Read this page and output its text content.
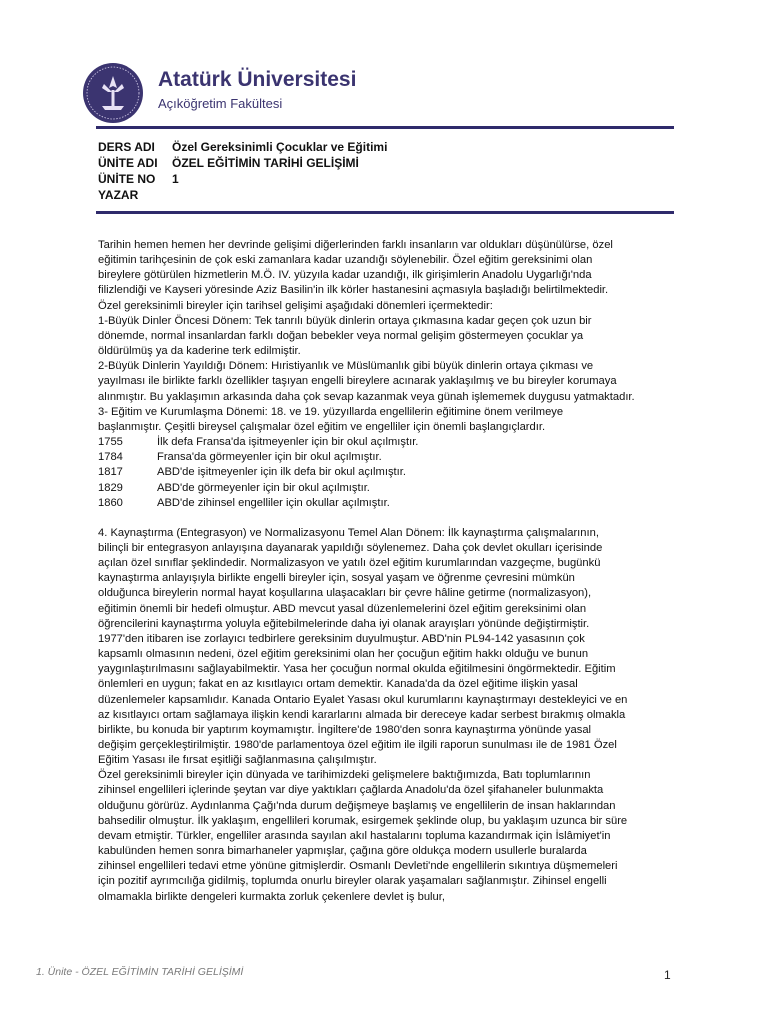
Atatürk Üniversitesi
Açıköğretim Fakültesi
DERS ADI	Özel Gereksinimli Çocuklar ve Eğitimi
ÜNİTE ADI	ÖZEL EĞİTİMİN TARİHİ GELİŞİMİ
ÜNİTE NO	1
YAZAR

Tarihin hemen hemen her devrinde gelişimi diğerlerinden farklı insanların var oldukları düşünülürse, özel

eğitimin tarihçesinin de çok eski zamanlara kadar uzandığı söylenebilir. Özel eğitim gereksinimi olan

bireylere götürülen hizmetlerin M.Ö. IV. yüzyıla kadar uzandığı, ilk girişimlerin Anadolu Uygarlığı'nda

filizlendiği ve Kayseri yöresinde Aziz Basilin'in ilk körler hastanesini açmasıyla başladığı belirtilmektedir.

Özel gereksinimli bireyler için tarihsel gelişimi aşağıdaki dönemleri içermektedir:

1-Büyük Dinler Öncesi Dönem: Tek tanrılı büyük dinlerin ortaya çıkmasına kadar geçen çok uzun bir

dönemde, normal insanlardan farklı doğan bebekler veya normal gelişim göstermeyen çocuklar ya

öldürülmüş ya da kaderine terk edilmiştir.

2-Büyük Dinlerin Yayıldığı Dönem: Hıristiyanlık ve Müslümanlık gibi büyük dinlerin ortaya çıkması ve

yayılması ile birlikte farklı özellikler taşıyan engelli bireylere acınarak yaklaşılmış ve bu bireyler korumaya

alınmıştır. Bu yaklaşımın arkasında daha çok sevap kazanmak veya günah işlememek duygusu yatmaktadır.

3- Eğitim ve Kurumlaşma Dönemi: 18. ve 19. yüzyıllarda engellilerin eğitimine önem verilmeye

başlanmıştır. Çeşitli bireysel çalışmalar özel eğitim ve engelliler için önemli başlangıçlardır.

1755	İlk defa Fransa'da işitmeyenler için bir okul açılmıştır.
1784	Fransa'da görmeyenler için bir okul açılmıştır.
1817	ABD'de işitmeyenler için ilk defa bir okul açılmıştır.
1829	ABD'de görmeyenler için bir okul açılmıştır.
1860	ABD'de zihinsel engelliler için okullar açılmıştır.

4. Kaynaştırma (Entegrasyon) ve Normalizasyonu Temel Alan Dönem: İlk kaynaştırma çalışmalarının,

bilinçli bir entegrasyon anlayışına dayanarak yapıldığı söylenemez. Daha çok devlet okulları içerisinde

açılan özel sınıflar şeklindedir. Normalizasyon ve yatılı özel eğitim kurumlarından vazgeçme, bugünkü

kaynaştırma anlayışıyla birlikte engelli bireyler için, sosyal yaşam ve öğrenme çevresini mümkün

olduğunca bireylerin normal hayat koşullarına ulaşacakları bir çevre hâline getirme (normalizasyon),

eğitimin önemli bir hedefi olmuştur. ABD mevcut yasal düzenlemelerini özel eğitim gereksinimi olan

öğrencilerini kaynaştırma yoluyla eğitebilmelerinde daha iyi olanak arayışları yönünde değiştirmiştir.

1977'den itibaren ise zorlayıcı tedbirlere gereksinim duyulmuştur. ABD'nin PL94-142 yasasının çok

kapsamlı olmasının nedeni, özel eğitim gereksinimi olan her çocuğun eğitim hakkı olduğu ve bunun

yaygınlaştırılmasını sağlayabilmektir. Yasa her çocuğun normal okulda eğitilmesini öngörmektedir. Eğitim

önlemleri en uygun; fakat en az kısıtlayıcı ortam demektir. Kanada'da da özel eğitime ilişkin yasal

düzenlemeler kapsamlıdır. Kanada Ontario Eyalet Yasası okul kurumlarını kaynaştırmayı destekleyici ve en

az kısıtlayıcı ortam sağlamaya ilişkin kendi kararlarını almada bir dereceye kadar serbest bırakmış olmakla

birlikte, bu konuda bir yaptırım koymamıştır. İngiltere'de 1980'den sonra kaynaştırma yönünde yasal

değişim gerçekleştirilmiştir. 1980'de parlamentoya özel eğitim ile ilgili raporun sunulması ile de 1981 Özel

Eğitim Yasası ile fırsat eşitliği sağlanmasına çalışılmıştır.

Özel gereksinimli bireyler için dünyada ve tarihimizdeki gelişmelere baktığımızda, Batı toplumlarının

zihinsel engellileri içlerinde şeytan var diye yaktıkları çağlarda Anadolu'da özel şifahaneler bulunmakta

olduğunu görürüz. Aydınlanma Çağı'nda durum değişmeye başlamış ve engellilerin de insan haklarından

bahsedilir olmuştur. İlk yaklaşım, engellileri korumak, esirgemek şeklinde olup, bu yaklaşım uzunca bir süre

devam etmiştir. Türkler, engelliler arasında sayılan akıl hastalarını topluma kazandırmak için İslâmiyet'in

kabulünden hemen sonra bimarhaneler yapmışlar, çağına göre oldukça modern usullerle buralarda

zihinsel engellileri tedavi etme yönüne gitmişlerdir. Osmanlı Devleti'nde engellilerin sıkıntıya düşmemeleri

için pozitif ayrımcılığa gidilmiş, toplumda onurlu bireyler olarak yaşamaları sağlanmıştır. Zihinsel engelli

olmamakla birlikte dengeleri kurmakta zorluk çekenlere devlet iş bulur,

1. Ünite - ÖZEL EĞİTİMİN TARİHİ GELİŞİMİ	1
